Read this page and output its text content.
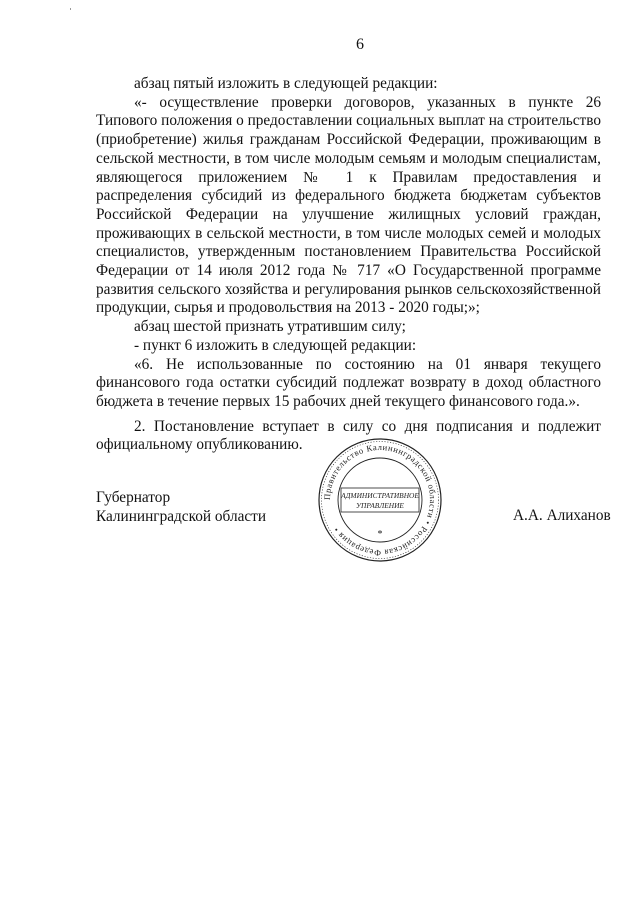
6

абзац пятый изложить в следующей редакции:

«- осуществление проверки договоров, указанных в пункте 26 Типового положения о предоставлении социальных выплат на строительство (приобретение) жилья гражданам Российской Федерации, проживающим в сельской местности, в том числе молодым семьям и молодым специалистам, являющегося приложением № 1 к Правилам предоставления и распределения субсидий из федерального бюджета бюджетам субъектов Российской Федерации на улучшение жилищных условий граждан, проживающих в сельской местности, в том числе молодых семей и молодых специалистов, утвержденным постановлением Правительства Российской Федерации от 14 июля 2012 года № 717 «О Государственной программе развития сельского хозяйства и регулирования рынков сельскохозяйственной продукции, сырья и продовольствия на 2013 - 2020 годы;»;

абзац шестой признать утратившим силу;

- пункт 6 изложить в следующей редакции:

«6. Не использованные по состоянию на 01 января текущего финансового года остатки субсидий подлежат возврату в доход областного бюджета в течение первых 15 рабочих дней текущего финансового года.».

2. Постановление вступает в силу со дня подписания и подлежит официальному опубликованию.

Губернатор
Калининградской области
Правительство Калининградской области • Российская Федерация •
АДМИНИСТРАТИВНОЕ
УПРАВЛЕНИЕ
*
А.А. Алиханов
